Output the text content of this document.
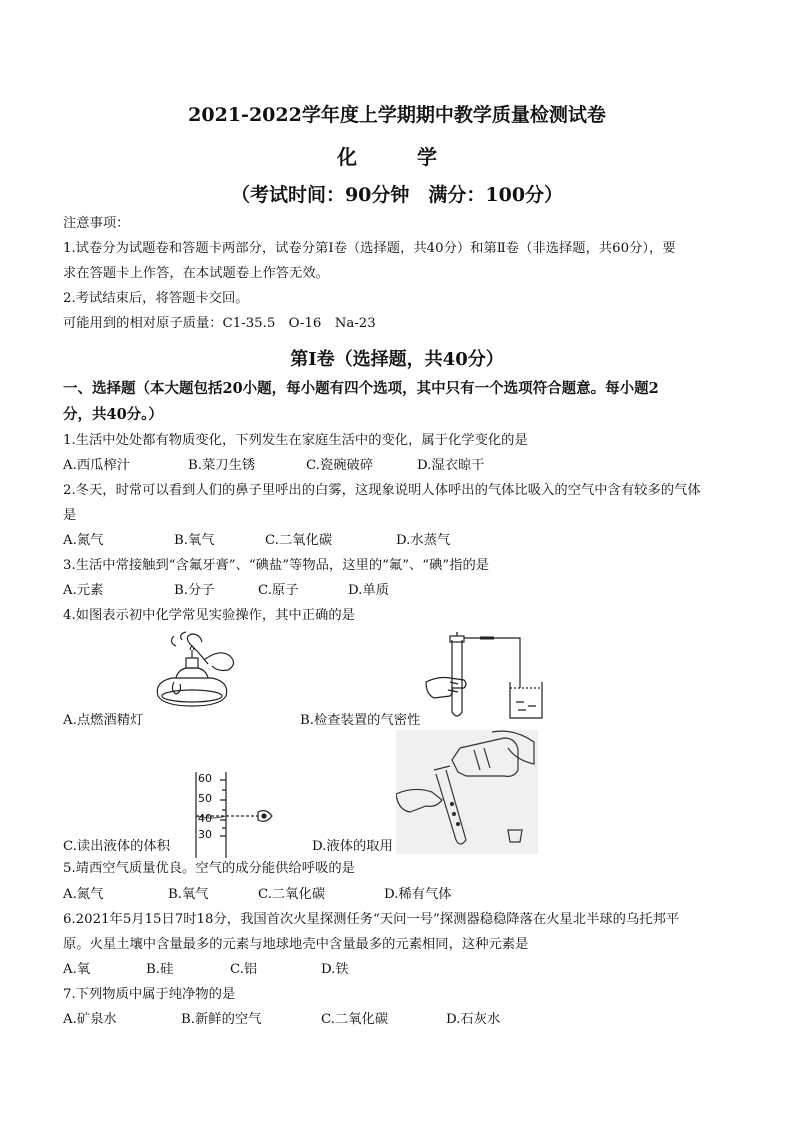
2021-2022学年度上学期期中教学质量检测试卷
化　学
（考试时间：90分钟　满分：100分）
注意事项：
1.试卷分为试题卷和答题卡两部分，试卷分第Ⅰ卷（选择题，共40分）和第Ⅱ卷（非选择题，共60分），要
求在答题卡上作答，在本试题卷上作答无效。
2.考试结束后，将答题卡交回。
可能用到的相对原子质量：C1-35.5　O-16　Na-23
第Ⅰ卷（选择题，共40分）
一、选择题（本大题包括20小题，每小题有四个选项，其中只有一个选项符合题意。每小题2
分，共40分。）
1.生活中处处都有物质变化，下列发生在家庭生活中的变化，属于化学变化的是
A.西瓜榨汁	B.菜刀生锈	C.瓷碗破碎	D.湿衣晾干
2.冬天，时常可以看到人们的鼻子里呼出的白雾，这现象说明人体呼出的气体比吸入的空气中含有较多的气体
是
A.氮气	B.氧气	C.二氧化碳	D.水蒸气
3.生活中常接触到“含氟牙膏”、“碘盐”等物品，这里的“氟”、“碘”指的是
A.元素	B.分子	C.原子	D.单质
4.如图表示初中化学常见实验操作，其中正确的是
A.点燃酒精灯	B.检查装置的气密性
60
50
40
30
C.读出液体的体积	D.液体的取用
5.靖西空气质量优良。空气的成分能供给呼吸的是
A.氮气	B.氧气	C.二氧化碳	D.稀有气体
6.2021年5月15日7时18分，我国首次火星探测任务“天问一号”探测器稳稳降落在火星北半球的乌托邦平
原。火星土壤中含量最多的元素与地球地壳中含量最多的元素相同，这种元素是
A.氧	B.硅	C.铝	D.铁
7.下列物质中属于纯净物的是
A.矿泉水	B.新鲜的空气	C.二氧化碳	D.石灰水
